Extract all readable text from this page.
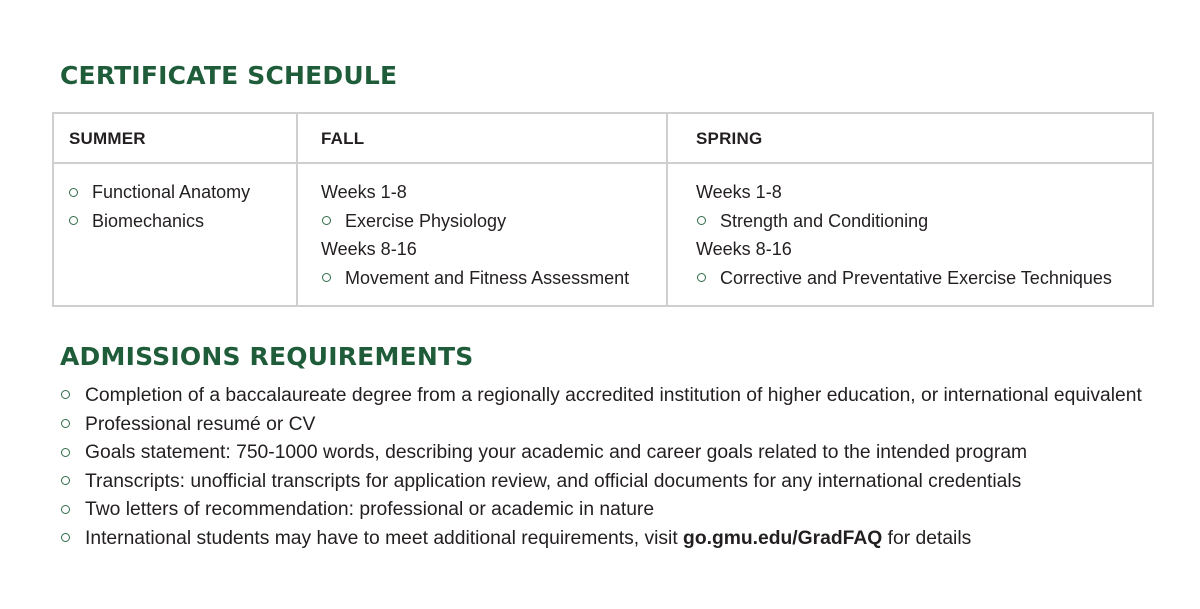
CERTIFICATE SCHEDULE
SUMMER	FALL	SPRING
Functional Anatomy
Biomechanics
Weeks 1-8
Exercise Physiology
Weeks 8-16
Movement and Fitness Assessment
Weeks 1-8
Strength and Conditioning
Weeks 8-16
Corrective and Preventative Exercise Techniques
ADMISSIONS REQUIREMENTS
Completion of a baccalaureate degree from a regionally accredited institution of higher education, or international equivalent
Professional resumé or CV
Goals statement: 750-1000 words, describing your academic and career goals related to the intended program
Transcripts: unofficial transcripts for application review, and official documents for any international credentials
Two letters of recommendation: professional or academic in nature
International students may have to meet additional requirements, visit go.gmu.edu/GradFAQ for details
